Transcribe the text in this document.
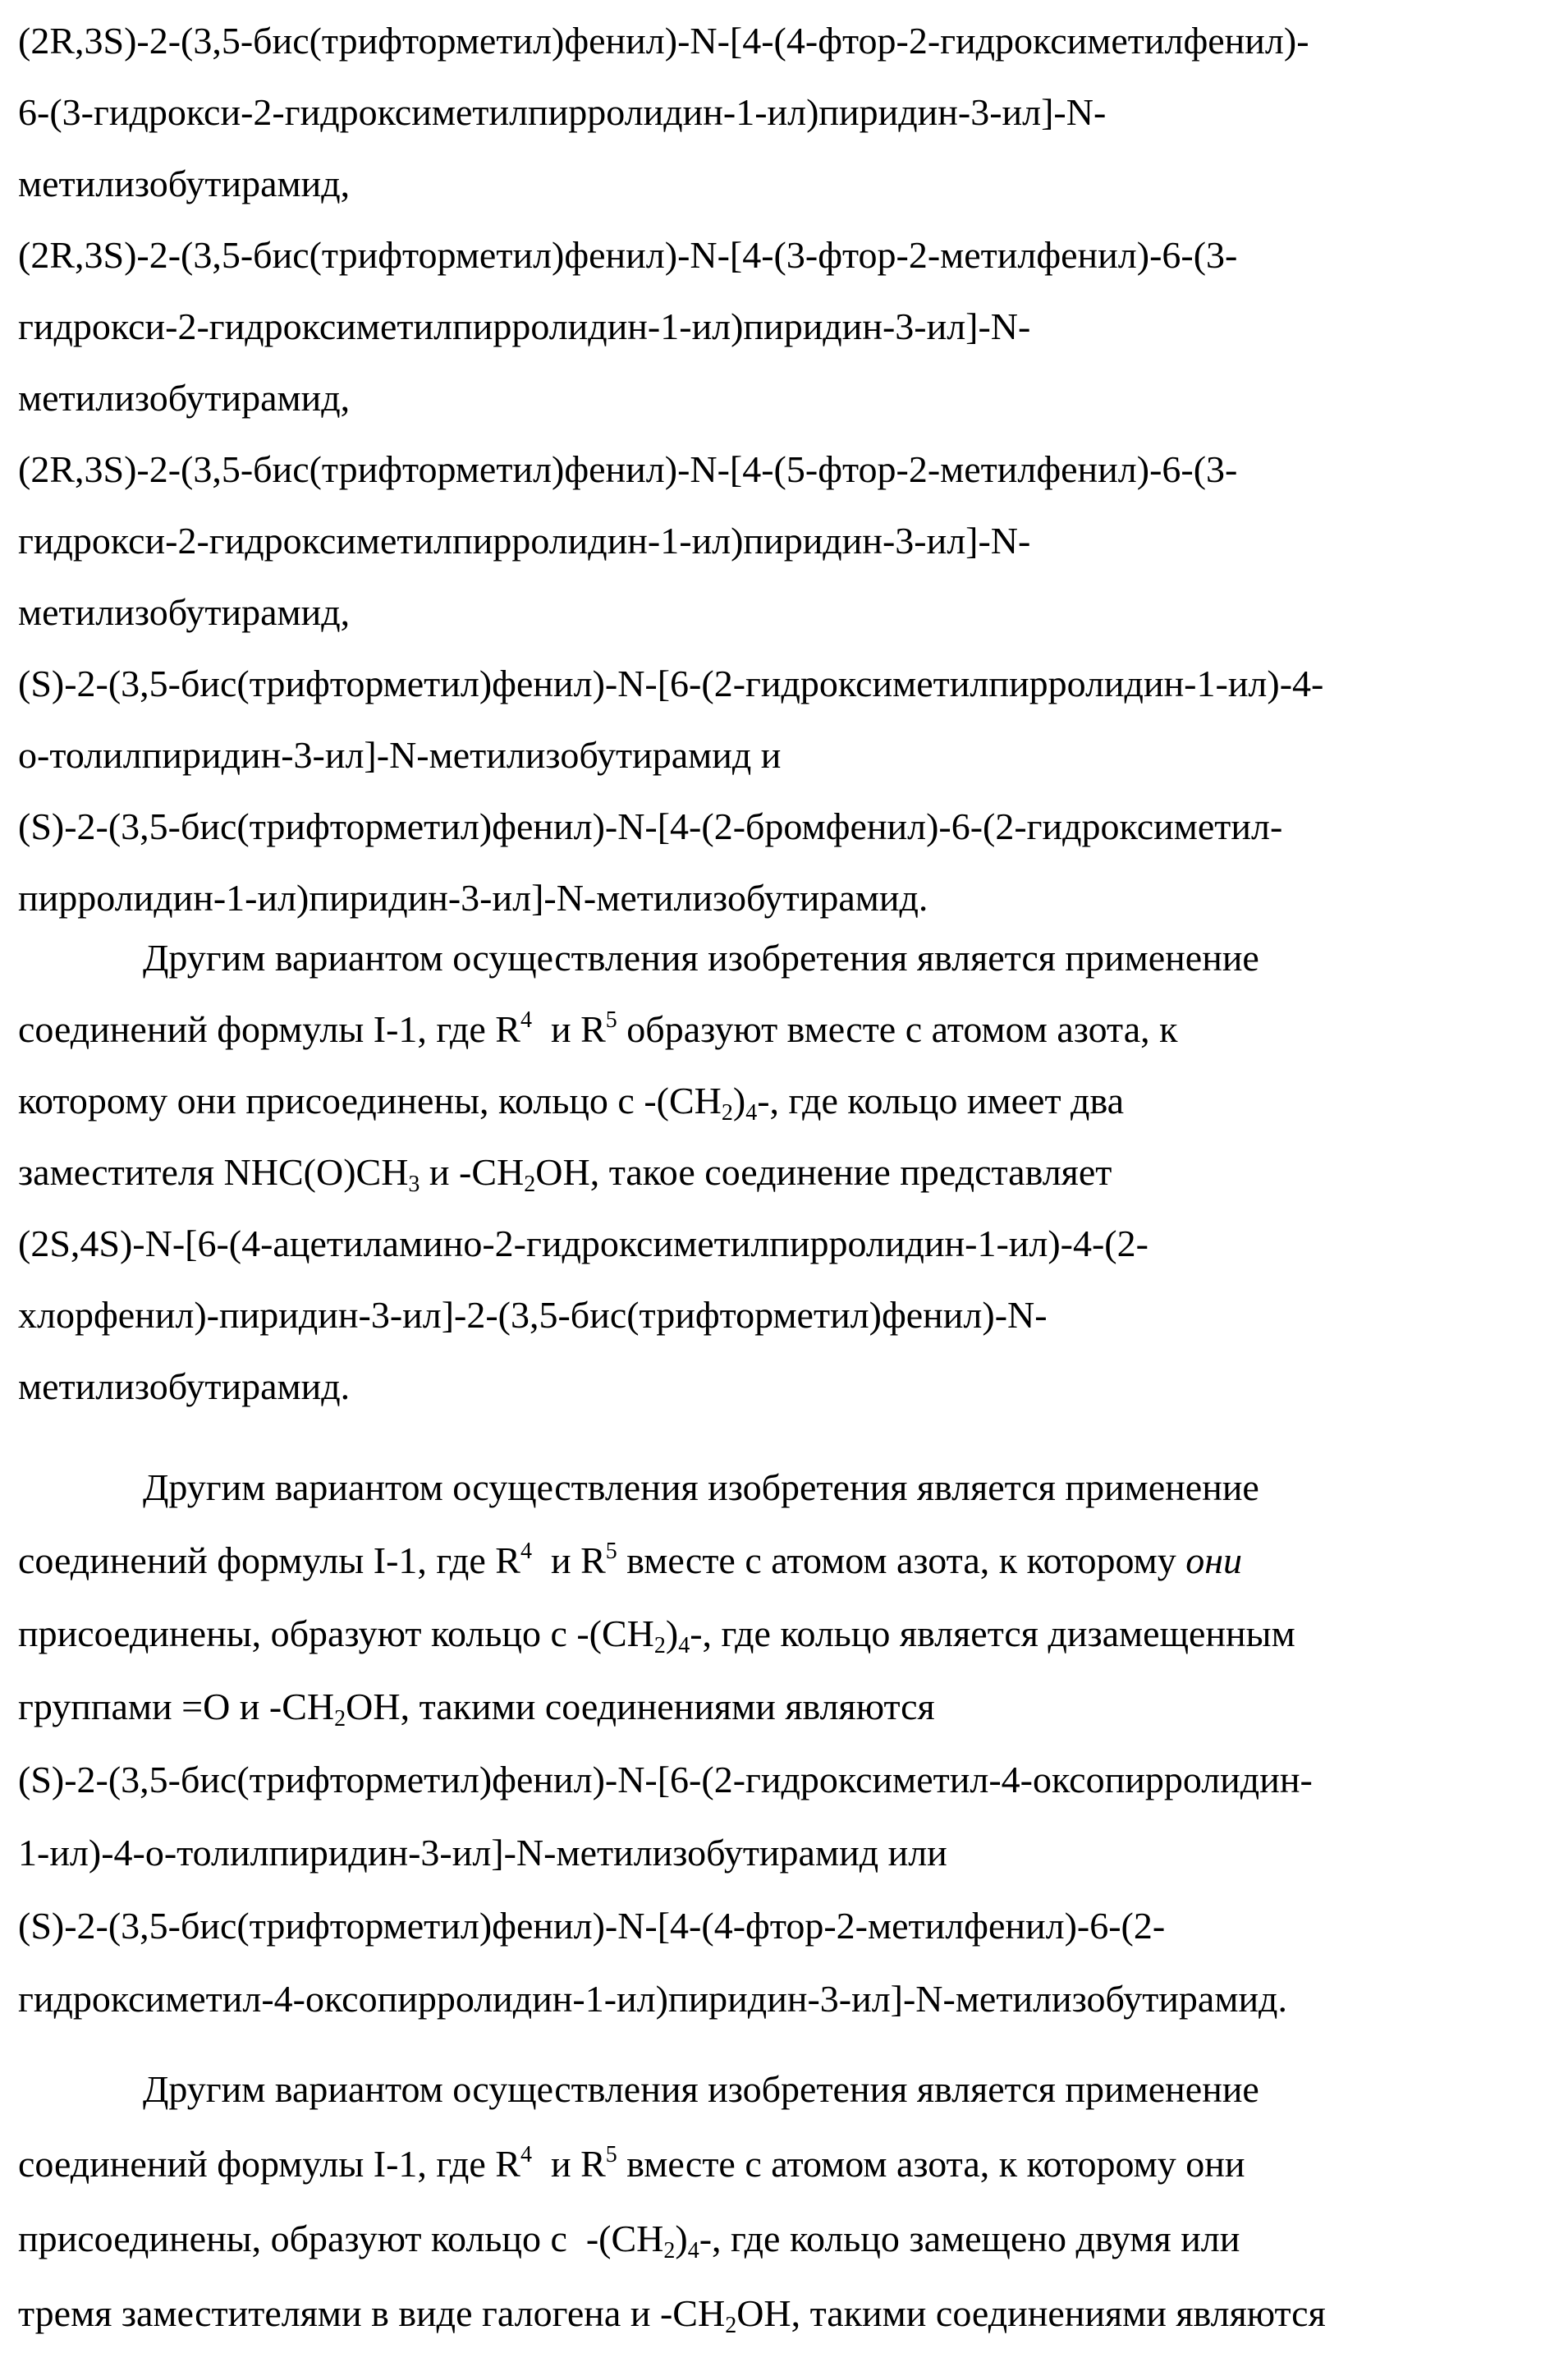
(2R,3S)-2-(3,5-бис(трифторметил)фенил)-N-[4-(4-фтор-2-гидроксиметилфенил)-
6-(3-гидрокси-2-гидроксиметилпирролидин-1-ил)пиридин-3-ил]-N-
метилизобутирамид,
(2R,3S)-2-(3,5-бис(трифторметил)фенил)-N-[4-(3-фтор-2-метилфенил)-6-(3-
гидрокси-2-гидроксиметилпирролидин-1-ил)пиридин-3-ил]-N-
метилизобутирамид,
(2R,3S)-2-(3,5-бис(трифторметил)фенил)-N-[4-(5-фтор-2-метилфенил)-6-(3-
гидрокси-2-гидроксиметилпирролидин-1-ил)пиридин-3-ил]-N-
метилизобутирамид,
(S)-2-(3,5-бис(трифторметил)фенил)-N-[6-(2-гидроксиметилпирролидин-1-ил)-4-
о-толилпиридин-3-ил]-N-метилизобутирамид и
(S)-2-(3,5-бис(трифторметил)фенил)-N-[4-(2-бромфенил)-6-(2-гидроксиметил-
пирролидин-1-ил)пиридин-3-ил]-N-метилизобутирамид.
Другим вариантом осуществления изобретения является применение
соединений формулы I-1, где R4  и R5 образуют вместе с атомом азота, к
которому они присоединены, кольцо с -(CH2)4-, где кольцо имеет два
заместителя NHC(O)CH3 и -CH2OH, такое соединение представляет
(2S,4S)-N-[6-(4-ацетиламино-2-гидроксиметилпирролидин-1-ил)-4-(2-
хлорфенил)-пиридин-3-ил]-2-(3,5-бис(трифторметил)фенил)-N-
метилизобутирамид.
Другим вариантом осуществления изобретения является применение
соединений формулы I-1, где R4  и R5 вместе с атомом азота, к которому они
присоединены, образуют кольцо с -(CH2)4-, где кольцо является дизамещенным
группами =O и -CH2OH, такими соединениями являются
(S)-2-(3,5-бис(трифторметил)фенил)-N-[6-(2-гидроксиметил-4-оксопирролидин-
1-ил)-4-о-толилпиридин-3-ил]-N-метилизобутирамид или
(S)-2-(3,5-бис(трифторметил)фенил)-N-[4-(4-фтор-2-метилфенил)-6-(2-
гидроксиметил-4-оксопирролидин-1-ил)пиридин-3-ил]-N-метилизобутирамид.
Другим вариантом осуществления изобретения является применение
соединений формулы I-1, где R4  и R5 вместе с атомом азота, к которому они
присоединены, образуют кольцо с  -(CH2)4-, где кольцо замещено двумя или
тремя заместителями в виде галогена и -CH2OH, такими соединениями являются
